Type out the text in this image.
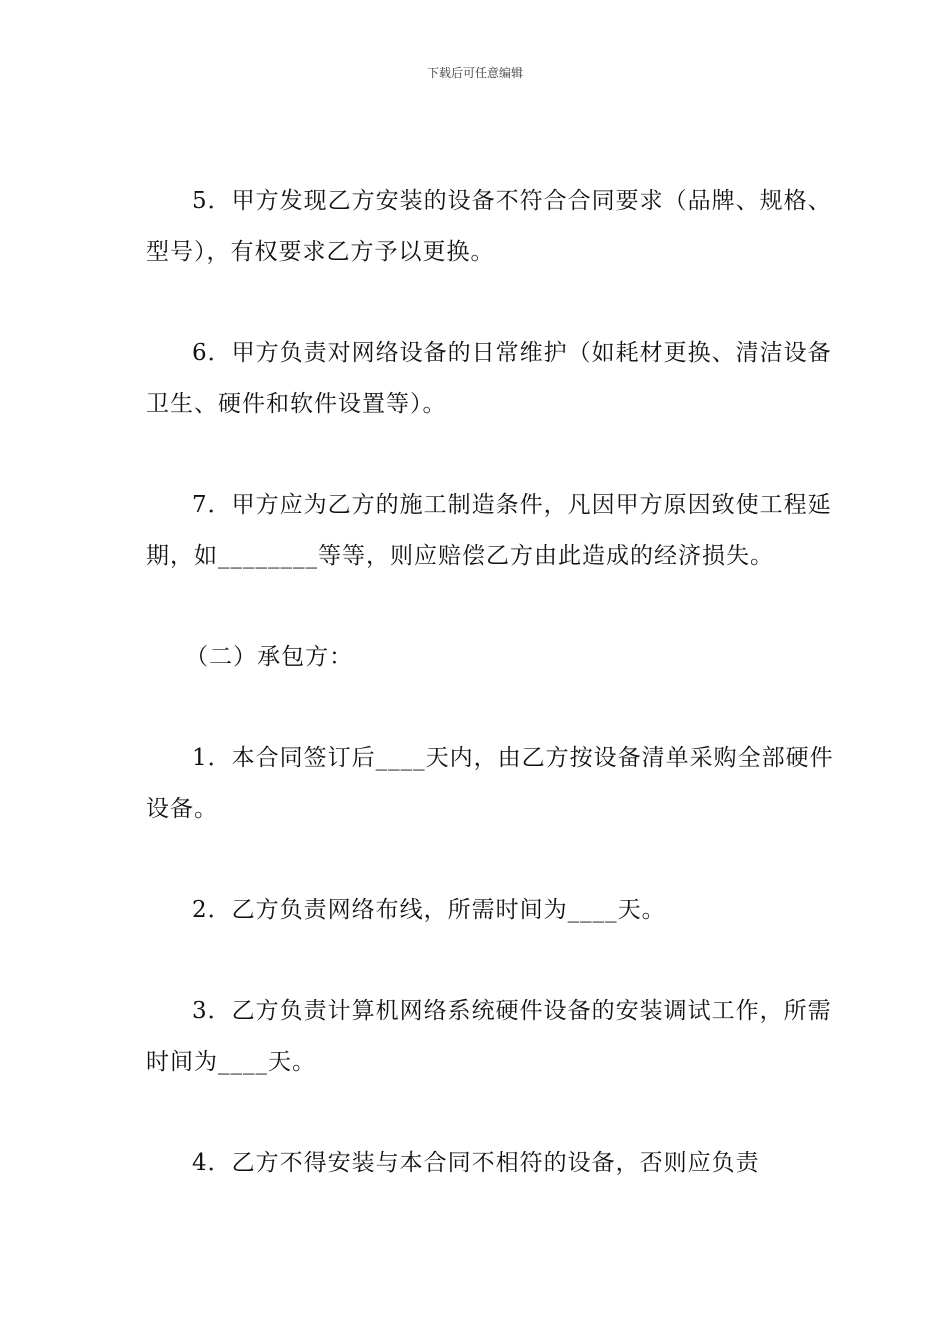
下载后可任意编辑

5．甲方发现乙方安装的设备不符合合同要求（品牌、规格、型号），有权要求乙方予以更换。

6．甲方负责对网络设备的日常维护（如耗材更换、清洁设备卫生、硬件和软件设置等）。

7．甲方应为乙方的施工制造条件，凡因甲方原因致使工程延期，如________等等，则应赔偿乙方由此造成的经济损失。

（二）承包方：

1．本合同签订后____天内，由乙方按设备清单采购全部硬件设备。

2．乙方负责网络布线，所需时间为____天。

3．乙方负责计算机网络系统硬件设备的安装调试工作，所需时间为____天。

4．乙方不得安装与本合同不相符的设备，否则应负责
